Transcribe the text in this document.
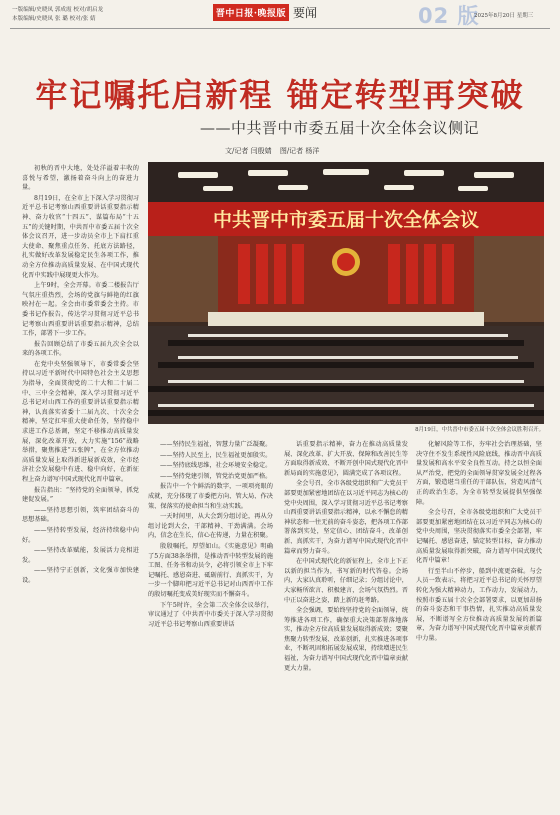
一版编辑/史晓凤 郭成霞 校对/胡启龙
本版编辑/史晓凤 张 璐 校对/张 婧	晋中日报·晚报版 要闻	02 版
2025年8月20日 星期三
牢记嘱托启新程 锚定转型再突破
——中共晋中市委五届十次全体会议侧记
文/记者 闫殷婧 图/记者 杨洋

初秋的晋中大地，处处洋溢着丰收的喜悦与希望，激扬着奋斗向上的奋进力量。

8月19日，在全市上下深入学习贯彻习近平总书记考察山西重要讲话重要指示精神、奋力收官“十四五”、谋篇布局“十五五”的关键时期，中共晋中市委五届十次全体会议召开，进一步动员全市上下肩扛重大使命、聚焦重点任务、托底方法路径，扎实做好改革发展稳定民生各项工作，推动全方位推动高质量发展、在中国式现代化晋中实践中展现更大作为。

上午9时，全会开幕。市委二楼报告厅气氛庄重热烈，会场的党旗与鲜艳的红旗映衬在一起。全会由市委常委会主持。市委书记作报告，传达学习贯彻习近平总书记考察山西重要讲话重要指示精神，总结工作，部署下一步工作。

报告回顾总结了市委五届九次全会以来的各项工作。

在党中央坚强领导下，市委常委会坚持以习近平新时代中国特色社会主义思想为指导，全面贯彻党的二十大和二十届二中、三中全会精神，深入学习贯彻习近平总书记对山西工作的重要讲话重要指示精神，认真落实省委十二届九次、十次全会精神，坚定扛牢重大使命任务，坚持稳中求进工作总基调，坚定不移推动高质量发展，深化改革开放，大力实施“156”战略举措，聚焦推进“五张牌”，在全方位推动高质量发展上取得新进展新成效，全市经济社会发展稳中有进、稳中向好，在新征程上奋力谱写中国式现代化晋中篇章。

报告指出：“坚持党的全面领导，抓党建促发展。”

——坚持思想引领，筑牢团结奋斗的思想基础。

——坚持转型发展，经济持续稳中向好。

——坚持改革赋能，发展活力竞相迸发。

——坚持宁正创新，文化强市加快建设。

中共晋中市委五届十次全体会议
8月19日，中共晋中市委五届十次全体会议胜利召开。

——坚持民生福祉，智慧力量广泛凝聚。

——坚持人民至上，民生福祉更加殷实。

——坚持底线思维，社会环境安全稳定。

——坚持党建引领，管党治党更加严格。

报告中一个个鲜活的数字，一项项亮眼的成就，充分体现了市委把方向、管大局、作决策、保落实的使命担当和生动实践。

一天时间里，从大会到分组讨论，再从分组讨论到大会，干部精神、干劲满满。会场内，信念在生长，信心在传递，力量在积聚。

殷殷嘱托，厚望如山。《实施意见》明确了5方面38条举措，是推动晋中转型发展的施工图、任务书和动员令，必将引领全市上下牢记嘱托、感恩奋进、砥砺前行、真抓实干，为一步一个脚印把习近平总书记对山西晋中工作的殷切嘱托变成美好现实而不懈奋斗。

下午5时许，全会第二次全体会议举行，审议通过了《中共晋中市委关于深入学习贯彻习近平总书记考察山西重要讲话

话重要指示精神，奋力在推动高质量发展、深化改革、扩大开放、保障和改善民生等方面取得新成效、不断开创中国式现代化晋中新局面的实施意见》，圆满完成了各项议程。

全会号召，全市各级党组织和广大党员干部要更加紧密地团结在以习近平同志为核心的党中央周围，深入学习贯彻习近平总书记考察山西重要讲话重要指示精神，以永不懈怠的精神状态和一往无前的奋斗姿态，把各项工作部署落到实处，坚定信心、团结奋斗，改革创新、真抓实干，为奋力谱写中国式现代化晋中篇章而努力奋斗。

在中国式现代化的新征程上，全市上下正以新的担当作为，书写新的时代答卷。会场内，大家认真聆听，仔细记录；分组讨论中，大家畅所欲言、积极建言，会场气氛热烈。晋中正以奋进之姿，踏上新的赶考路。

全会强调，要始终坚持党的全面领导，统筹推进各项工作，确保重大决策部署落地落实，推动全方位高质量发展取得新成效；要聚焦聚力转型发展、改革创新，扎实推进各项事业，不断巩固和拓展发展成果，持续增进民生福祉，为奋力谱写中国式现代化晋中篇章贡献更大力量。

化解风险等工作，夯牢社会治理基础，坚决守住不发生系统性风险底线，推动晋中高质量发展和高水平安全良性互动。持之以恒全面从严治党，把党的全面领导贯穿发展全过程各方面，锻造堪当重任的干部队伍，营造风清气正的政治生态，为全市转型发展提供坚强保障。

全会号召，全市各级党组织和广大党员干部要更加紧密地团结在以习近平同志为核心的党中央周围，坚决贯彻落实市委全会部署，牢记嘱托、感恩奋进，锚定转型目标，奋力推动高质量发展取得新突破，奋力谱写中国式现代化晋中篇章！

行至半山不停步，船到中流更奋楫。与会人员一致表示，将把习近平总书记的关怀厚望转化为强大精神动力，工作动力，发展动力，按照市委五届十次全会部署要求，以更加昂扬的奋斗姿态和干事热情，扎实推动高质量发展，不断谱写全方位推动高质量发展的新篇章，为奋力谱写中国式现代化晋中篇章贡献晋中力量。
